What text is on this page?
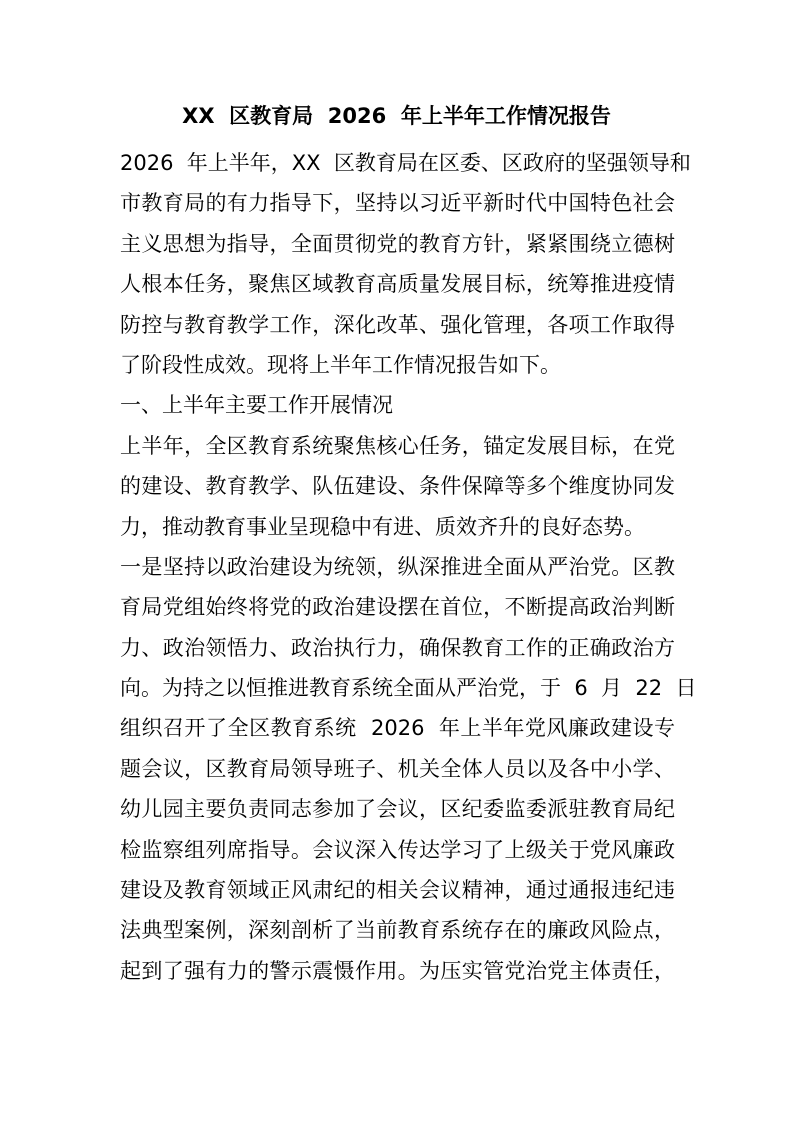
XX  区教育局  2026  年上半年工作情况报告
2026  年上半年，XX  区教育局在区委、区政府的坚强领导和
市教育局的有力指导下，坚持以习近平新时代中国特色社会
主义思想为指导，全面贯彻党的教育方针，紧紧围绕立德树
人根本任务，聚焦区域教育高质量发展目标，统筹推进疫情
防控与教育教学工作，深化改革、强化管理，各项工作取得
了阶段性成效。现将上半年工作情况报告如下。
一、上半年主要工作开展情况
上半年，全区教育系统聚焦核心任务，锚定发展目标，在党
的建设、教育教学、队伍建设、条件保障等多个维度协同发
力，推动教育事业呈现稳中有进、质效齐升的良好态势。
一是坚持以政治建设为统领，纵深推进全面从严治党。区教
育局党组始终将党的政治建设摆在首位，不断提高政治判断
力、政治领悟力、政治执行力，确保教育工作的正确政治方
向。为持之以恒推进教育系统全面从严治党，于  6  月  22  日
组织召开了全区教育系统  2026  年上半年党风廉政建设专
题会议，区教育局领导班子、机关全体人员以及各中小学、
幼儿园主要负责同志参加了会议，区纪委监委派驻教育局纪
检监察组列席指导。会议深入传达学习了上级关于党风廉政
建设及教育领域正风肃纪的相关会议精神，通过通报违纪违
法典型案例，深刻剖析了当前教育系统存在的廉政风险点，
起到了强有力的警示震慑作用。为压实管党治党主体责任，
